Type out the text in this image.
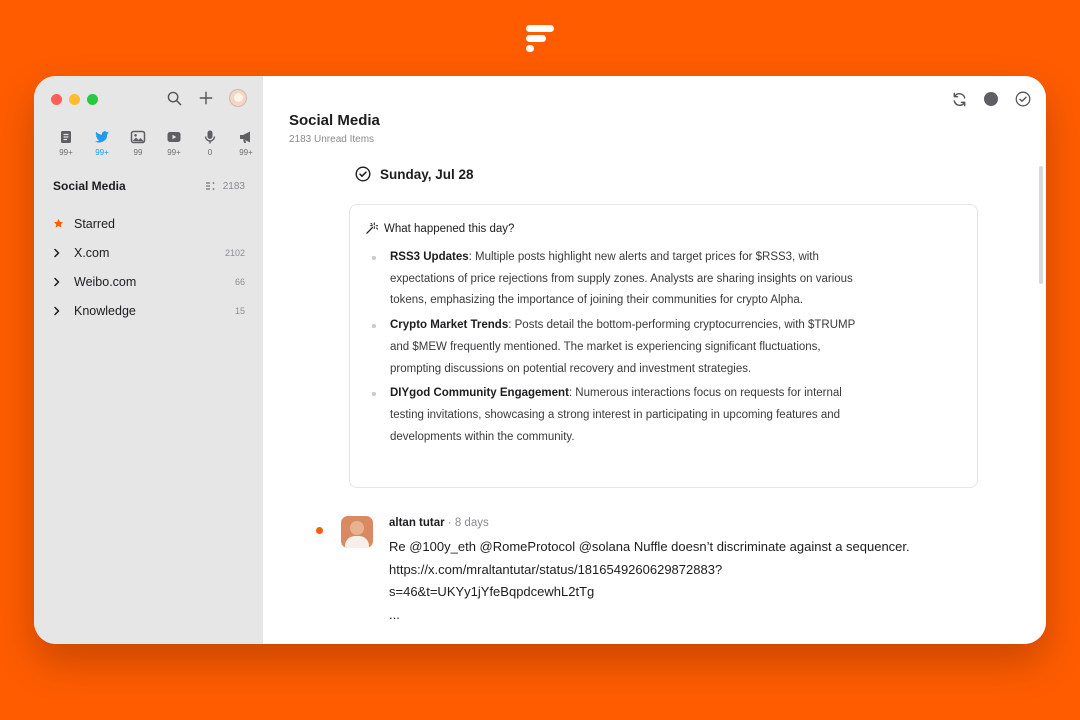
99+	99+	99	99+	0	99+
Social Media	2183
Starred
X.com	2102
Weibo.com	66
Knowledge	15
Social Media
2183 Unread Items
Sunday, Jul 28
What happened this day?
RSS3 Updates: Multiple posts highlight new alerts and target prices for $RSS3, with expectations of price rejections from supply zones. Analysts are sharing insights on various tokens, emphasizing the importance of joining their communities for crypto Alpha.
Crypto Market Trends: Posts detail the bottom-performing cryptocurrencies, with $TRUMP and $MEW frequently mentioned. The market is experiencing significant fluctuations, prompting discussions on potential recovery and investment strategies.
DIYgod Community Engagement: Numerous interactions focus on requests for internal testing invitations, showcasing a strong interest in participating in upcoming features and developments within the community.
altan tutar · 8 days
Re @100y_eth @RomeProtocol @solana Nuffle doesn’t discriminate against a sequencer.
https://x.com/mraltantutar/status/1816549260629872883?
s=46&t=UKYy1jYfeBqpdcewhL2tTg
...
